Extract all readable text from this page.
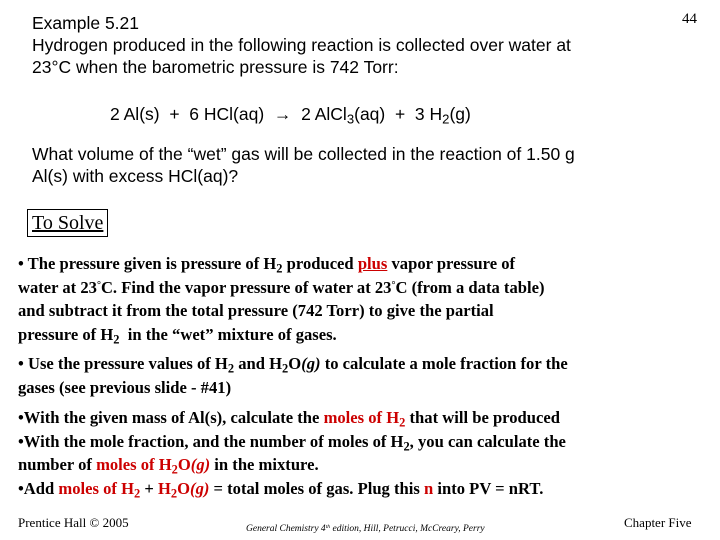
44
Example 5.21
Hydrogen produced in the following reaction is collected over water at
23°C when the barometric pressure is 742 Torr:
2 Al(s)  +  6 HCl(aq)  →  2 AlCl$_3$(aq)  +  3 $H_2(g)$
What volume of the “wet” gas will be collected in the reaction of 1.50 g
Al(s) with excess HCl(aq)?
To Solve
• The pressure given is pressure of $H_2$ produced plus vapor pressure of
water at 23°C. Find the vapor pressure of water at 23°C (from a data table)
and subtract it from the total pressure (742 Torr) to give the partial
pressure of $H_2$  in the “wet” mixture of gases.
• Use the pressure values of $H_2$ and $H_2O(g)$ to calculate a mole fraction for the
gases (see previous slide - #41)
•With the given mass of Al(s), calculate the moles of $H_2$ that will be produced
•With the mole fraction, and the number of moles of $H_2$, you can calculate the
number of moles of $H_2O(g)$ in the mixture.
•Add moles of $H_2 + H_2O(g)$ = total moles of gas. Plug this n into PV = nRT.
Prentice Hall © 2005	General Chemistry 4th edition, Hill, Petrucci, McCreary, Perry	Chapter Five
